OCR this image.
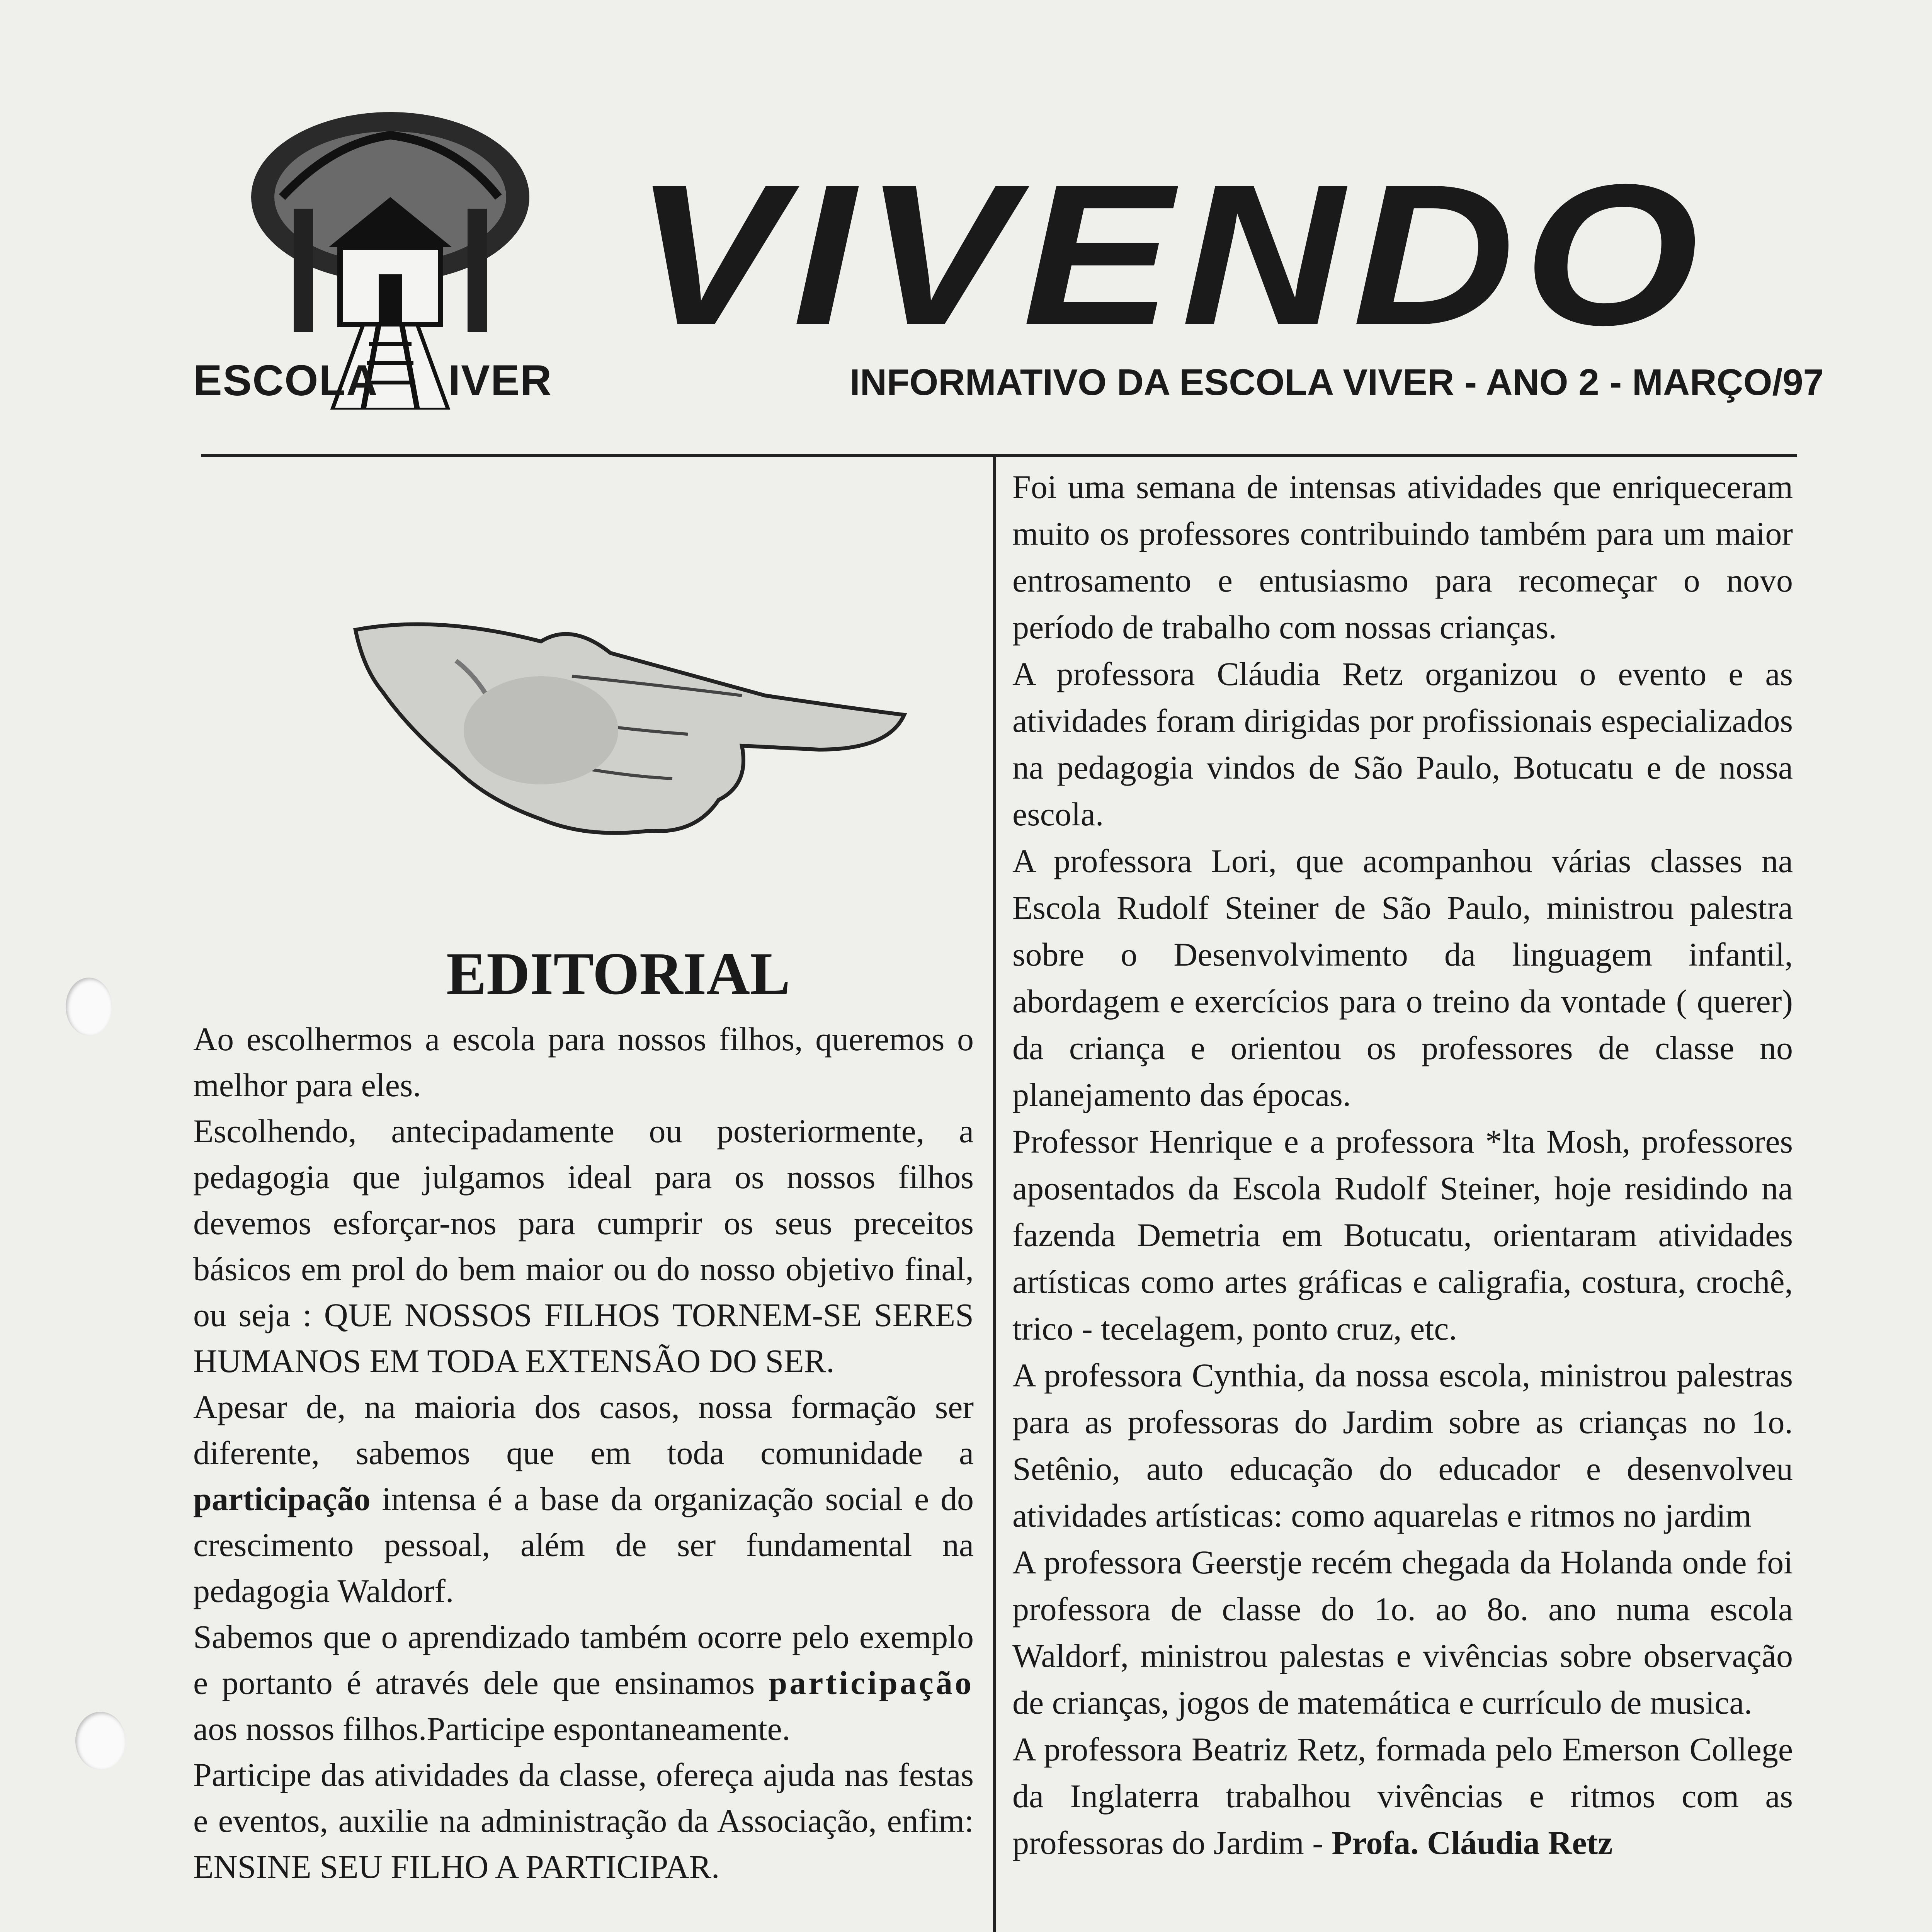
ESCOLA IVER
VIVENDO
INFORMATIVO DA ESCOLA VIVER - ANO 2 - MARÇO/97
EDITORIAL

Ao escolhermos a escola para nossos filhos, queremos o melhor para eles.

Escolhendo, antecipadamente ou posteriormente, a pedagogia que julgamos ideal para os nossos filhos devemos esforçar-nos para cumprir os seus preceitos básicos em prol do bem maior ou do nosso objetivo final, ou seja : QUE NOSSOS FILHOS TORNEM-SE SERES HUMANOS EM TODA EXTENSÃO DO SER.

Apesar de, na maioria dos casos, nossa formação ser diferente, sabemos que em toda comunidade a participação intensa é a base da organização social e do crescimento pessoal, além de ser fundamental na pedagogia Waldorf.

Sabemos que o aprendizado também ocorre pelo exemplo e portanto é através dele que ensinamos participação aos nossos filhos.Participe espontaneamente.

Participe das atividades da classe, ofereça ajuda nas festas e eventos, auxilie na administração da Associação, enfim: ENSINE SEU FILHO A PARTICIPAR.

Foi uma semana de intensas atividades que enriqueceram muito os professores contribuindo também para um maior entrosamento e entusiasmo para recomeçar o novo período de trabalho com nossas crianças.

A professora Cláudia Retz organizou o evento e as atividades foram dirigidas por profissionais especializados na pedagogia vindos de São Paulo, Botucatu e de nossa escola.

A professora Lori, que acompanhou várias classes na Escola Rudolf Steiner de São Paulo, ministrou palestra sobre o Desenvolvimento da linguagem infantil, abordagem e exercícios para o treino da vontade ( querer) da criança e orientou os professores de classe no planejamento das épocas.

Professor Henrique e a professora *lta Mosh, professores aposentados da Escola Rudolf Steiner, hoje residindo na fazenda Demetria em Botucatu, orientaram atividades artísticas como artes gráficas e caligrafia, costura, crochê, trico - tecelagem, ponto cruz, etc.

A professora Cynthia, da nossa escola, ministrou palestras para as professoras do Jardim sobre as crianças no 1o. Setênio, auto educação do educador e desenvolveu atividades artísticas: como aquarelas e ritmos no jardim

A professora Geerstje recém chegada da Holanda onde foi professora de classe do 1o. ao 8o. ano numa escola Waldorf, ministrou palestas e vivências sobre observação de crianças, jogos de matemática e currículo de musica.

A professora Beatriz Retz, formada pelo Emerson College da Inglaterra trabalhou vivências e ritmos com as professoras do Jardim - Profa. Cláudia Retz
